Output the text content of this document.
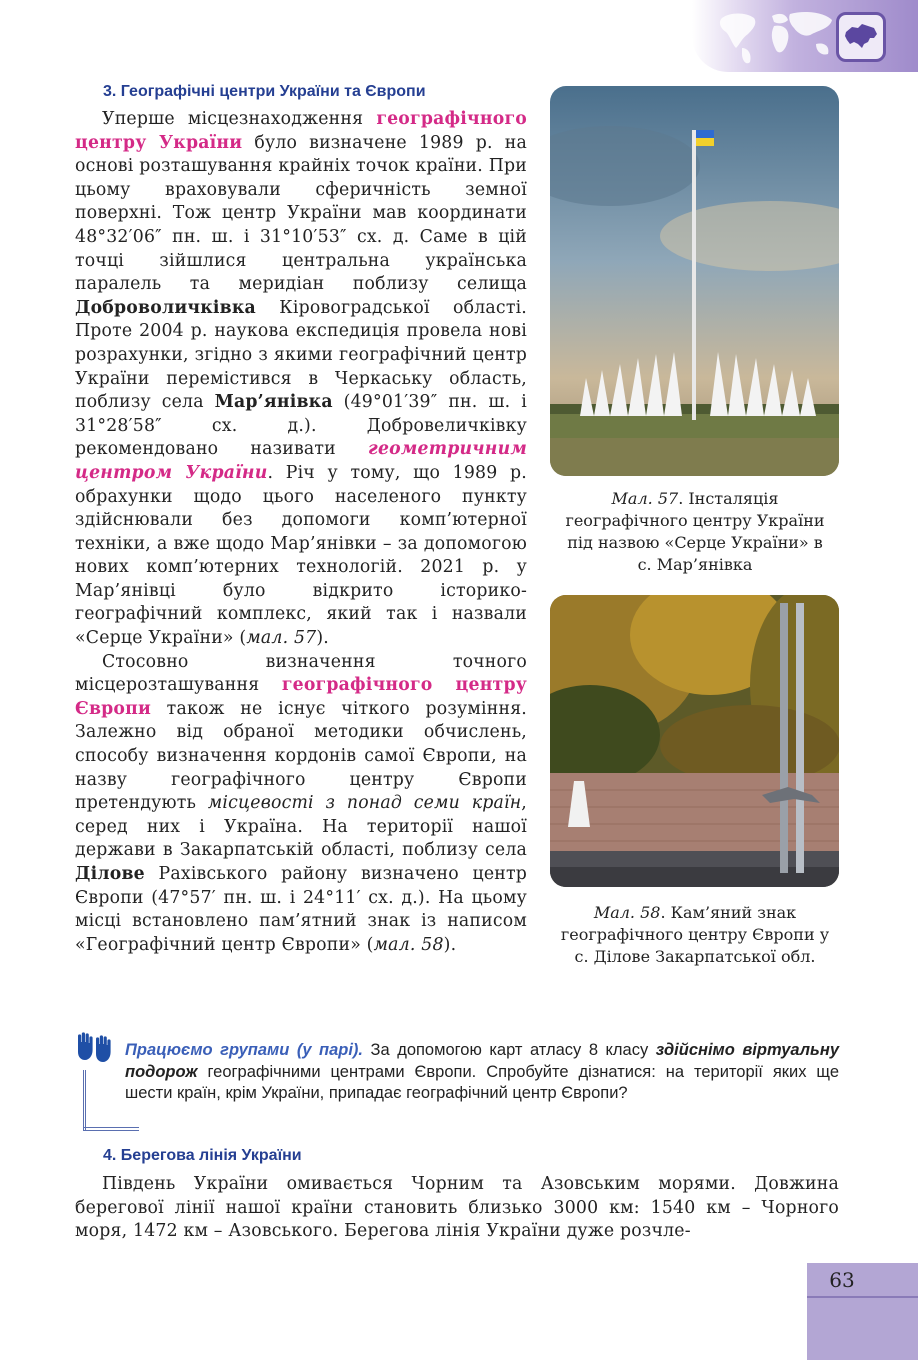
3. Географічні центри України та Європи

Уперше місцезнаходження географічного центру України було визначене 1989 р. на основі розташування крайніх точок країни. При цьому враховували сферичність земної поверхні. Тож центр України мав координати 48°32′06″ пн. ш. і 31°10′53″ сх. д. Саме в цій точці зійшлися центральна українська паралель та меридіан поблизу селища Доброволичківка Кіровоградської області. Проте 2004 р. наукова експедиція провела нові розрахунки, згідно з якими географічний центр України перемістився в Черкаську область, поблизу села Мар’янівка (49°01′39″ пн. ш. і 31°28′58″ сх. д.). Добровеличківку рекомендовано називати геометричним центром України. Річ у тому, що 1989 р. обрахунки щодо цього населеного пункту здійснювали без допомоги комп’ютерної техніки, а вже щодо Мар’янівки – за допомогою нових комп’ютерних технологій. 2021 р. у Мар’янівці було відкрито історико-географічний комплекс, який так і назвали «Серце України» (мал. 57).

Стосовно визначення точного місцерозташування географічного центру Європи також не існує чіткого розуміння. Залежно від обраної методики обчислень, способу визначення кордонів самої Європи, на назву географічного центру Європи претендують місцевості з понад семи країн, серед них і Україна. На території нашої держави в Закарпатській області, поблизу села Ділове Рахівського району визначено центр Європи (47°57′ пн. ш. і 24°11′ сх. д.). На цьому місці встановлено пам’ятний знак із написом «Географічний центр Європи» (мал. 58).

Мал. 57. Інсталяція географічного центру України під назвою «Серце України» в с. Мар’янівка
Мал. 58. Кам’яний знак географічного центру Європи у с. Ділове Закарпатської обл.
Працюємо групами (у парі). За допомогою карт атласу 8 класу здійснімо віртуальну подорож географічними центрами Європи. Спробуйте дізнатися: на території яких ще шести країн, крім України, припадає географічний центр Європи?
4. Берегова лінія України

Південь України омивається Чорним та Азовським морями. Довжина берегової лінії нашої країни становить близько 3000 км: 1540 км – Чорного моря, 1472 км – Азовського. Берегова лінія України дуже розчле-

63
